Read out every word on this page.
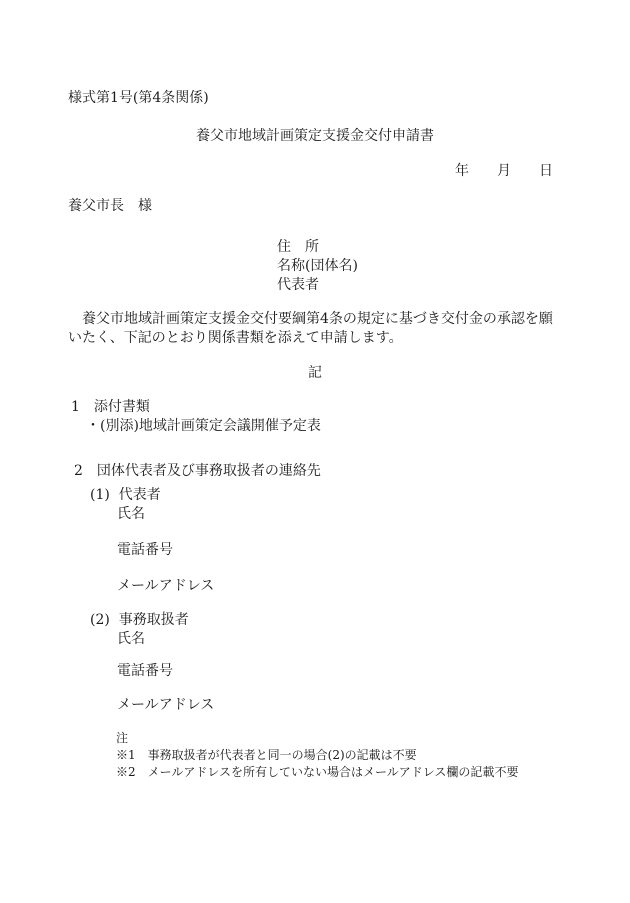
様式第1号(第4条関係)
養父市地域計画策定支援金交付申請書
年　　月　　日
養父市長　様
住　所
名称(団体名)
代表者
　養父市地域計画策定支援金交付要綱第4条の規定に基づき交付金の承認を願
いたく、下記のとおり関係書類を添えて申請します。
記
1　添付書類
・(別添)地域計画策定会議開催予定表
2　団体代表者及び事務取扱者の連絡先
(1)  代表者
氏名
電話番号
メールアドレス
(2)  事務取扱者
氏名
電話番号
メールアドレス
注
※1　事務取扱者が代表者と同一の場合(2)の記載は不要
※2　メールアドレスを所有していない場合はメールアドレス欄の記載不要
